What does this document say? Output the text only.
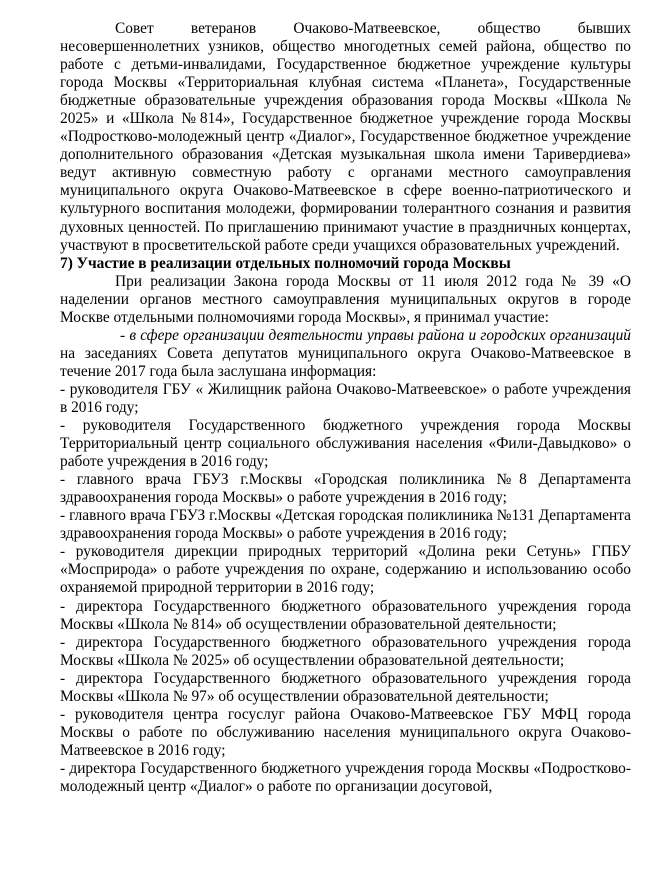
Совет ветеранов Очаково-Матвеевское, общество бывших несовершеннолетних узников, общество многодетных семей района, общество по работе с детьми-инвалидами, Государственное бюджетное учреждение культуры города Москвы «Территориальная клубная система «Планета», Государственные бюджетные образовательные учреждения образования города Москвы «Школа № 2025» и «Школа №814», Государственное бюджетное учреждение города Москвы «Подростково-молодежный центр «Диалог», Государственное бюджетное учреждение дополнительного образования «Детская музыкальная школа имени Таривердиева» ведут активную совместную работу с органами местного самоуправления муниципального округа Очаково-Матвеевское в сфере военно-патриотического и культурного воспитания молодежи, формировании толерантного сознания и развития духовных ценностей. По приглашению принимают участие в праздничных концертах, участвуют в просветительской работе среди учащихся образовательных учреждений.

7) Участие в реализации отдельных полномочий города Москвы

При реализации Закона города Москвы от 11 июля 2012 года № 39 «О наделении органов местного самоуправления муниципальных округов в городе Москве отдельными полномочиями города Москвы», я принимал участие:

- в сфере организации деятельности управы района и городских организаций на заседаниях Совета депутатов муниципального округа Очаково-Матвеевское в течение 2017 года была заслушана информация:

- руководителя ГБУ « Жилищник района Очаково-Матвеевское» о работе учреждения в 2016 году;

- руководителя Государственного бюджетного учреждения города Москвы Территориальный центр социального обслуживания населения «Фили-Давыдково» о работе учреждения в 2016 году;

- главного врача ГБУЗ г.Москвы «Городская поликлиника №8 Департамента здравоохранения города Москвы» о работе учреждения в 2016 году;

- главного врача ГБУЗ г.Москвы «Детская городская поликлиника №131 Департамента здравоохранения города Москвы» о работе учреждения в 2016 году;

- руководителя дирекции природных территорий «Долина реки Сетунь» ГПБУ «Мосприрода» о работе учреждения по охране, содержанию и использованию особо охраняемой природной территории в 2016 году;

- директора Государственного бюджетного образовательного учреждения города Москвы «Школа № 814» об осуществлении образовательной деятельности;

- директора Государственного бюджетного образовательного учреждения города Москвы «Школа № 2025» об осуществлении образовательной деятельности;

- директора Государственного бюджетного образовательного учреждения города Москвы «Школа № 97» об осуществлении образовательной деятельности;

- руководителя центра госуслуг района Очаково-Матвеевское ГБУ МФЦ города Москвы о работе по обслуживанию населения муниципального округа Очаково-Матвеевское в 2016 году;

- директора Государственного бюджетного учреждения города Москвы «Подростково-молодежный центр «Диалог» о работе по организации досуговой,
